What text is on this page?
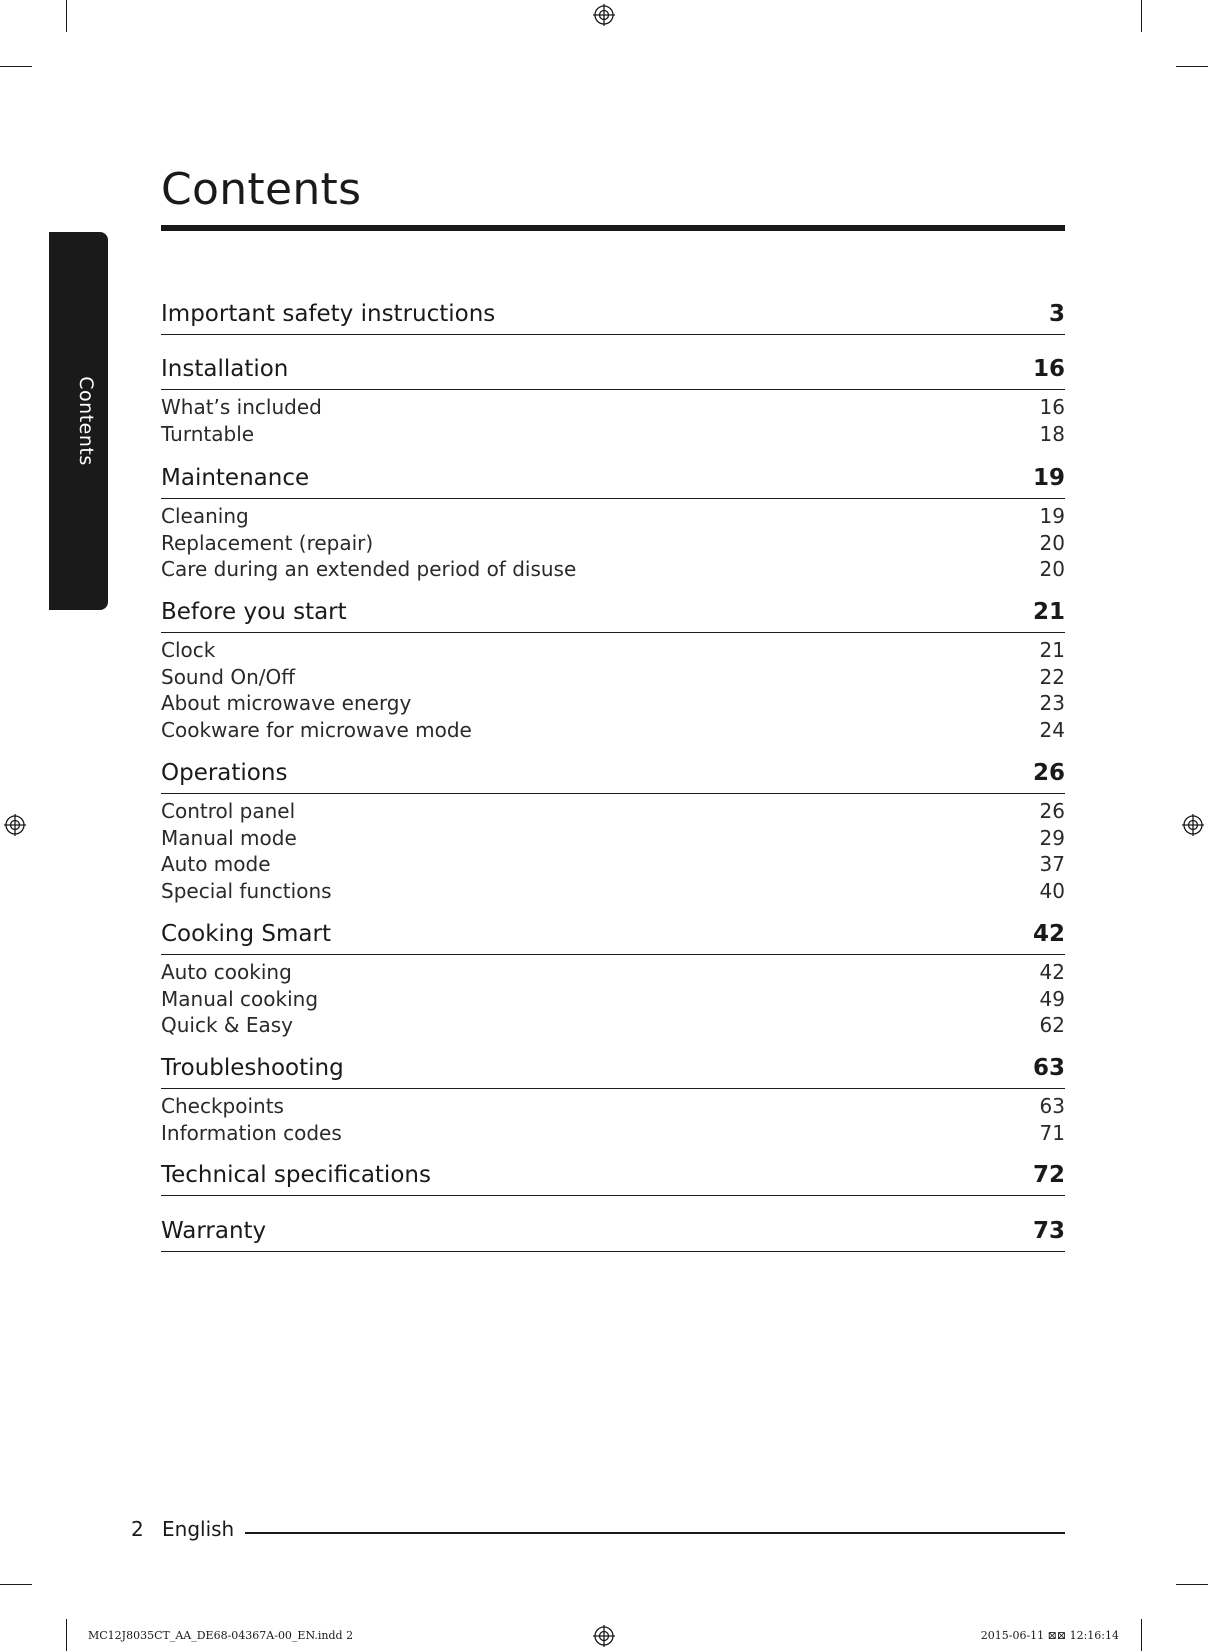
Contents
Contents
Important safety instructions	3
Installation	16
What’s included	16
Turntable	18
Maintenance	19
Cleaning	19
Replacement (repair)	20
Care during an extended period of disuse	20
Before you start	21
Clock	21
Sound On/Off	22
About microwave energy	23
Cookware for microwave mode	24
Operations	26
Control panel	26
Manual mode	29
Auto mode	37
Special functions	40
Cooking Smart	42
Auto cooking	42
Manual cooking	49
Quick & Easy	62
Troubleshooting	63
Checkpoints	63
Information codes	71
Technical specifications	72
Warranty	73
2 English
MC12J8035CT_AA_DE68-04367A-00_EN.indd 2	2015-06-11 ⊠⊠ 12:16:14
